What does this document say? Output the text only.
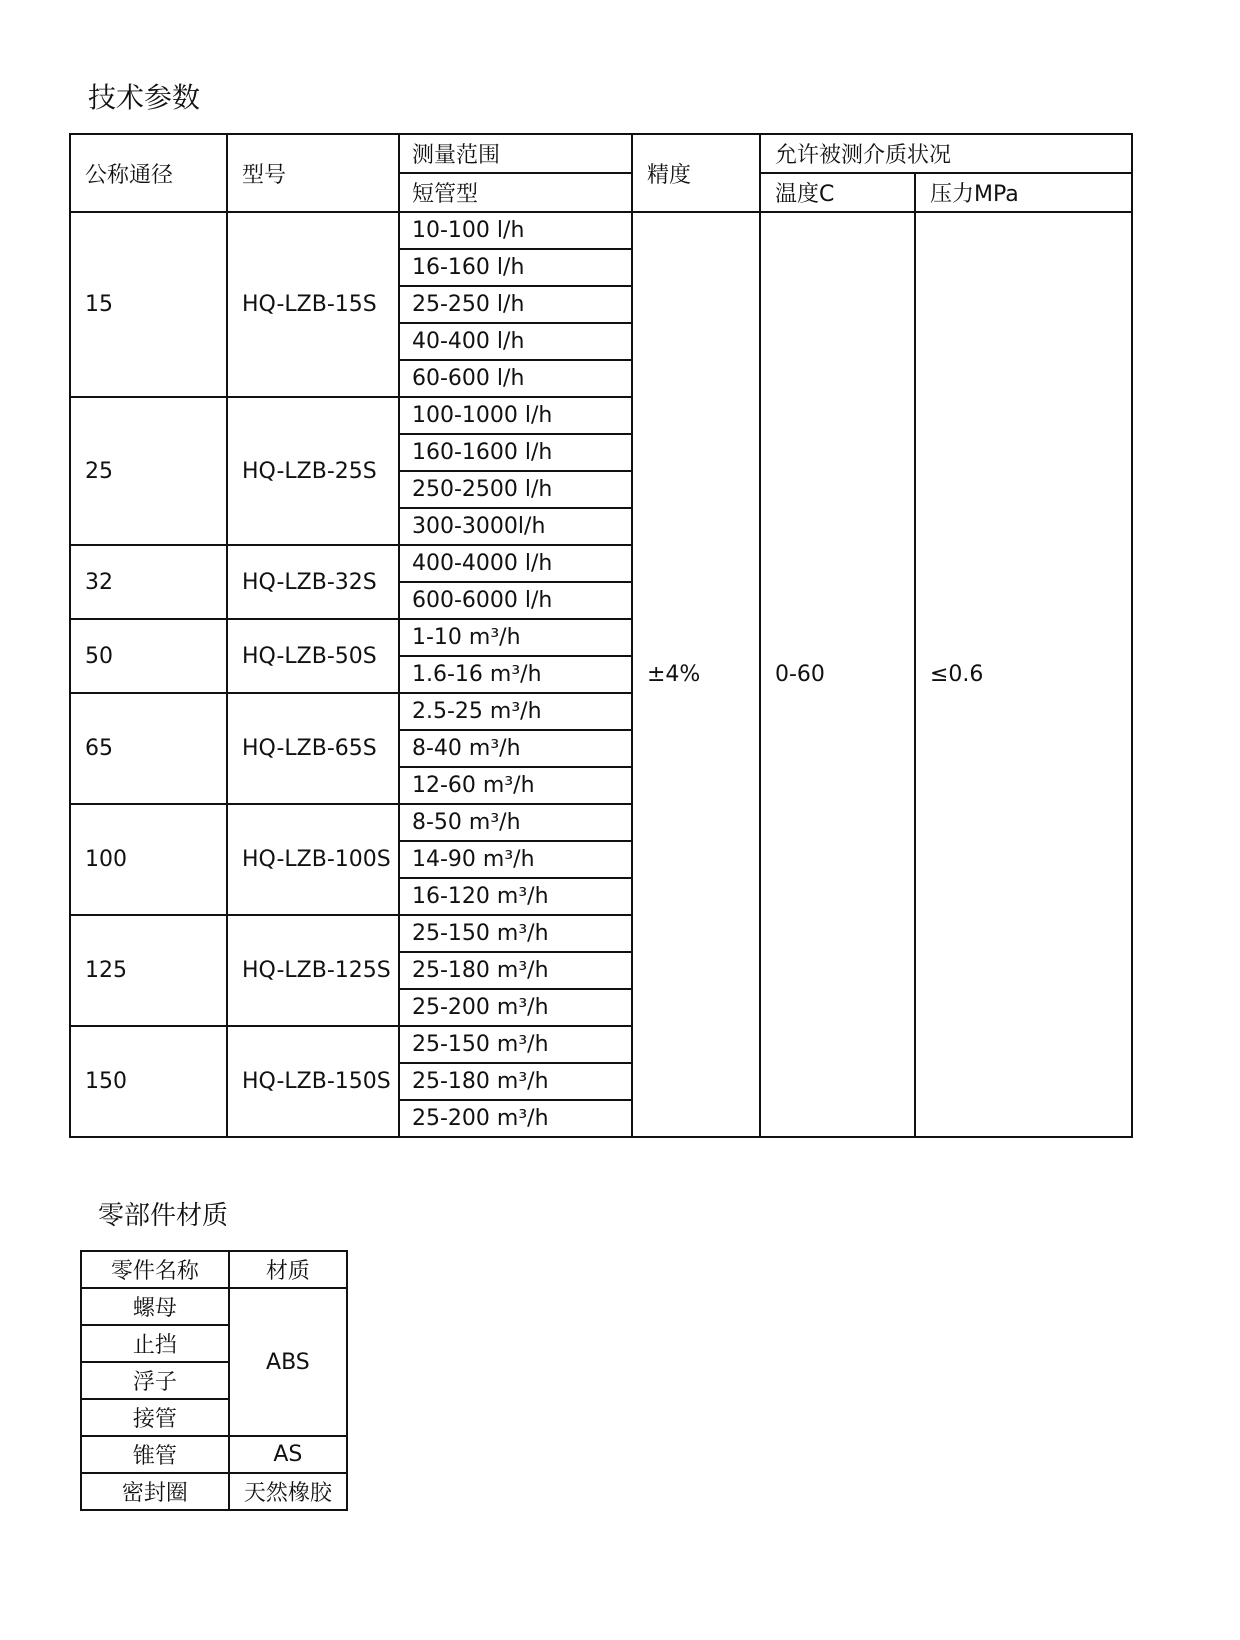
技术参数
公称通径	型号	测量范围	精度	允许被测介质状况	
		短管型		温度C	压力MPa
15	HQ-LZB-15S	10-100 l/h	±4%	0-60	≤0.6
		16-160 l/h			
		25-250 l/h			
		40-400 l/h			
		60-600 l/h			
25	HQ-LZB-25S	100-1000 l/h			
		160-1600 l/h			
		250-2500 l/h			
		300-3000l/h			
32	HQ-LZB-32S	400-4000 l/h			
		600-6000 l/h			
50	HQ-LZB-50S	1-10 m³/h			
		1.6-16 m³/h			
65	HQ-LZB-65S	2.5-25 m³/h			
		8-40 m³/h			
		12-60 m³/h			
100	HQ-LZB-100S	8-50 m³/h			
		14-90 m³/h			
		16-120 m³/h			
125	HQ-LZB-125S	25-150 m³/h			
		25-180 m³/h			
		25-200 m³/h			
150	HQ-LZB-150S	25-150 m³/h			
		25-180 m³/h			
		25-200 m³/h			
零部件材质
零件名称	材质
螺母	ABS
止挡	
浮子	
接管	
锥管	AS
密封圈	天然橡胶
